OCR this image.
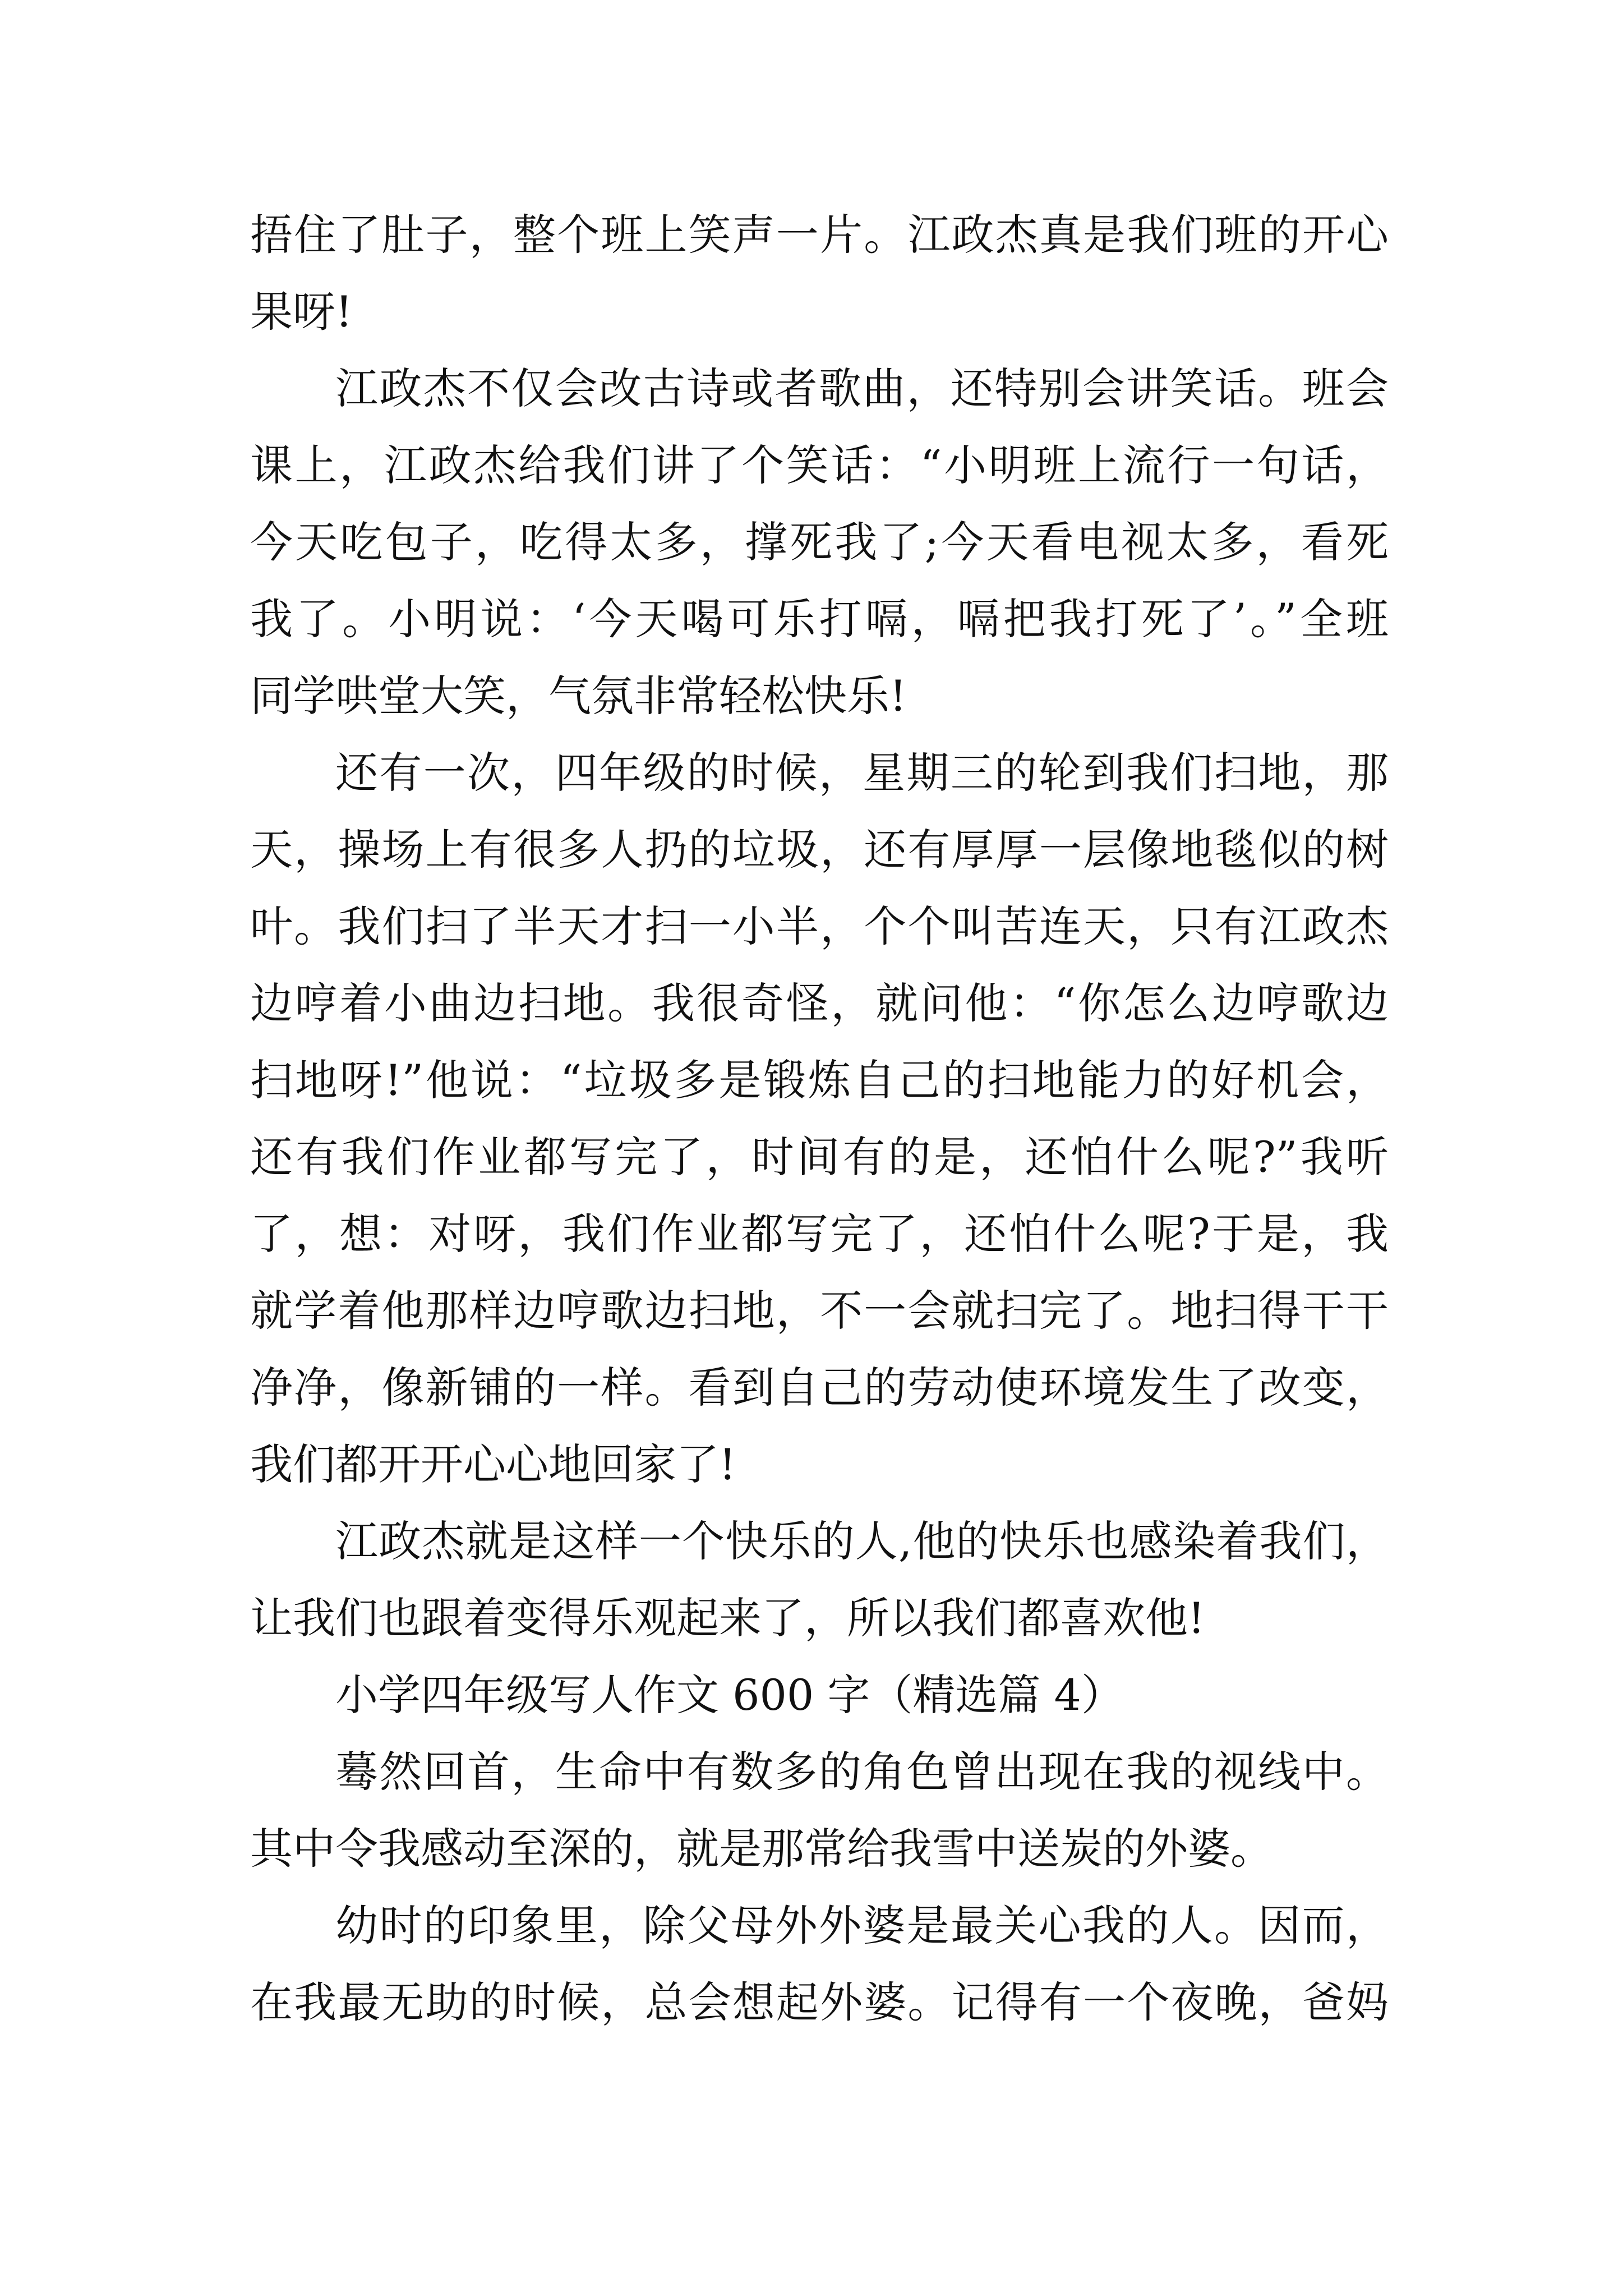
捂住了肚子，整个班上笑声一片。江政杰真是我们班的开心
果呀!
江政杰不仅会改古诗或者歌曲，还特别会讲笑话。班会
课上，江政杰给我们讲了个笑话：“小明班上流行一句话，
今天吃包子，吃得太多，撑死我了;今天看电视太多，看死
我了。小明说：‘今天喝可乐打嗝，嗝把我打死了’。”全班
同学哄堂大笑，气氛非常轻松快乐!
还有一次，四年级的时候，星期三的轮到我们扫地，那
天，操场上有很多人扔的垃圾，还有厚厚一层像地毯似的树
叶。我们扫了半天才扫一小半，个个叫苦连天，只有江政杰
边哼着小曲边扫地。我很奇怪，就问他：“你怎么边哼歌边
扫地呀!”他说：“垃圾多是锻炼自己的扫地能力的好机会，
还有我们作业都写完了，时间有的是，还怕什么呢?”我听
了，想：对呀，我们作业都写完了，还怕什么呢?于是，我
就学着他那样边哼歌边扫地，不一会就扫完了。地扫得干干
净净，像新铺的一样。看到自己的劳动使环境发生了改变，
我们都开开心心地回家了!
江政杰就是这样一个快乐的人,他的快乐也感染着我们，
让我们也跟着变得乐观起来了，所以我们都喜欢他!
小学四年级写人作文 600 字（精选篇 4）
蓦然回首，生命中有数多的角色曾出现在我的视线中。
其中令我感动至深的，就是那常给我雪中送炭的外婆。
幼时的印象里，除父母外外婆是最关心我的人。因而，
在我最无助的时候，总会想起外婆。记得有一个夜晚，爸妈
